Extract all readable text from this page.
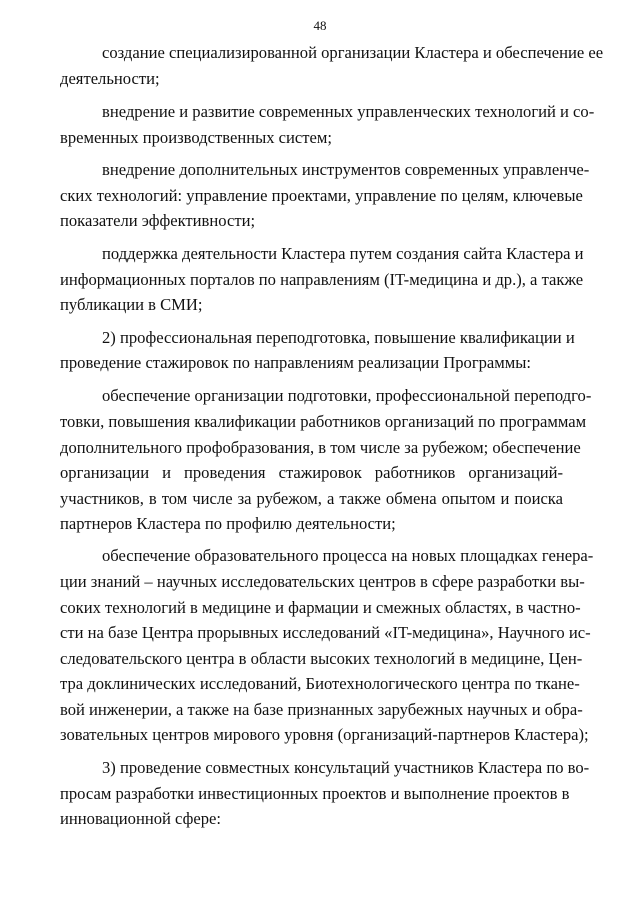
48
создание специализированной организации Кластера и обеспечение ее
деятельности;
внедрение и развитие современных управленческих технологий и со-
временных производственных систем;
внедрение дополнительных инструментов современных управленче-
ских технологий: управление проектами, управление по целям, ключевые
показатели эффективности;
поддержка деятельности Кластера путем создания сайта Кластера и
информационных порталов по направлениям (IT-медицина и др.), а также
публикации в СМИ;
2) профессиональная переподготовка, повышение квалификации и
проведение стажировок по направлениям реализации Программы:
обеспечение организации подготовки, профессиональной переподго-
товки, повышения квалификации работников организаций по программам
дополнительного профобразования, в том числе за рубежом; обеспечение
организации и проведения стажировок работников организаций-
участников, в том числе за рубежом, а также обмена опытом и поиска
партнеров Кластера по профилю деятельности;
обеспечение образовательного процесса на новых площадках генера-
ции знаний – научных исследовательских центров в сфере разработки вы-
соких технологий в медицине и фармации и смежных областях, в частно-
сти на базе Центра прорывных исследований «IT-медицина», Научного ис-
следовательского центра в области высоких технологий в медицине, Цен-
тра доклинических исследований, Биотехнологического центра по ткане-
вой инженерии, а также на базе признанных зарубежных научных и обра-
зовательных центров мирового уровня (организаций-партнеров Кластера);
3) проведение совместных консультаций участников Кластера по во-
просам разработки инвестиционных проектов и выполнение проектов в
инновационной сфере:
